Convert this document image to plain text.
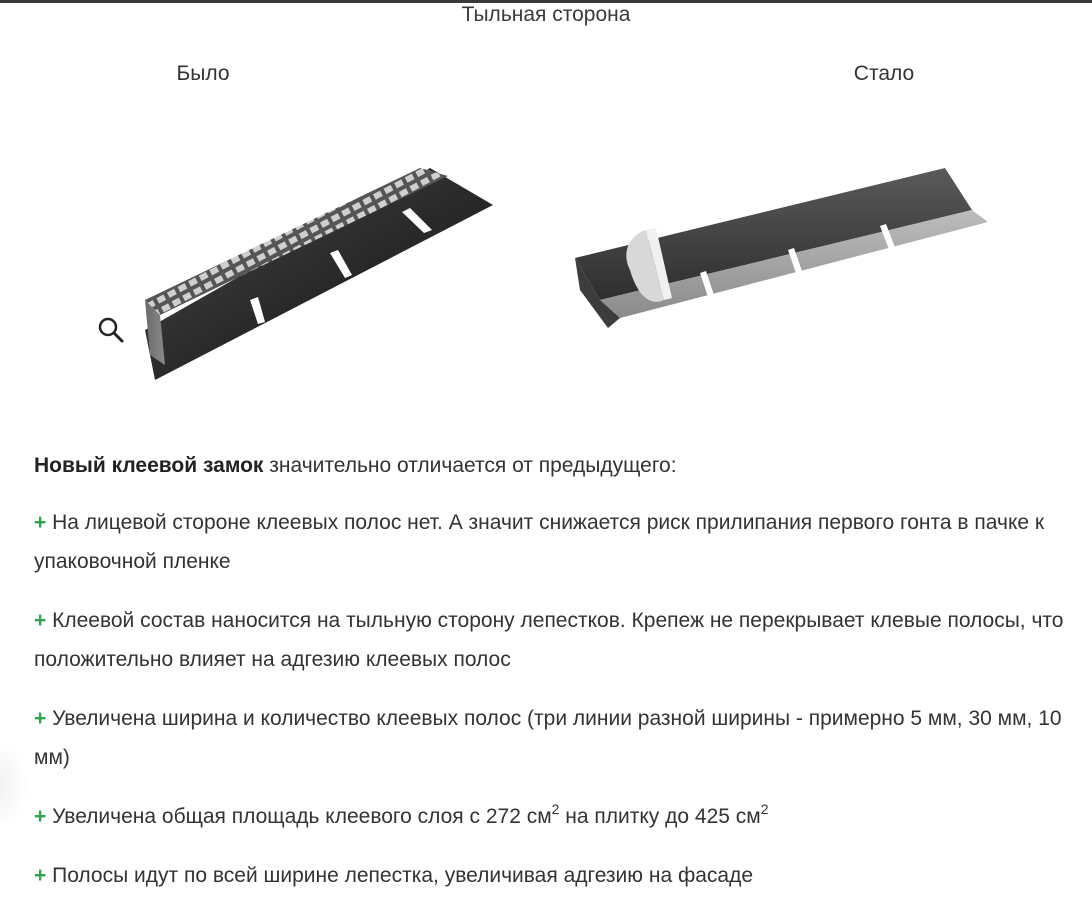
Тыльная сторона
Было	Стало

Новый клеевой замок значительно отличается от предыдущего:

+ На лицевой стороне клеевых полос нет. А значит снижается риск прилипания первого гонта в пачке к упаковочной пленке

+ Клеевой состав наносится на тыльную сторону лепестков. Крепеж не перекрывает клевые полосы, что положительно влияет на адгезию клеевых полос

+ Увеличена ширина и количество клеевых полос (три линии разной ширины - примерно 5 мм, 30 мм, 10 мм)

+ Увеличена общая площадь клеевого слоя с 272 $см^2$ на плитку до 425 $см^2$

+ Полосы идут по всей ширине лепестка, увеличивая адгезию на фасаде
